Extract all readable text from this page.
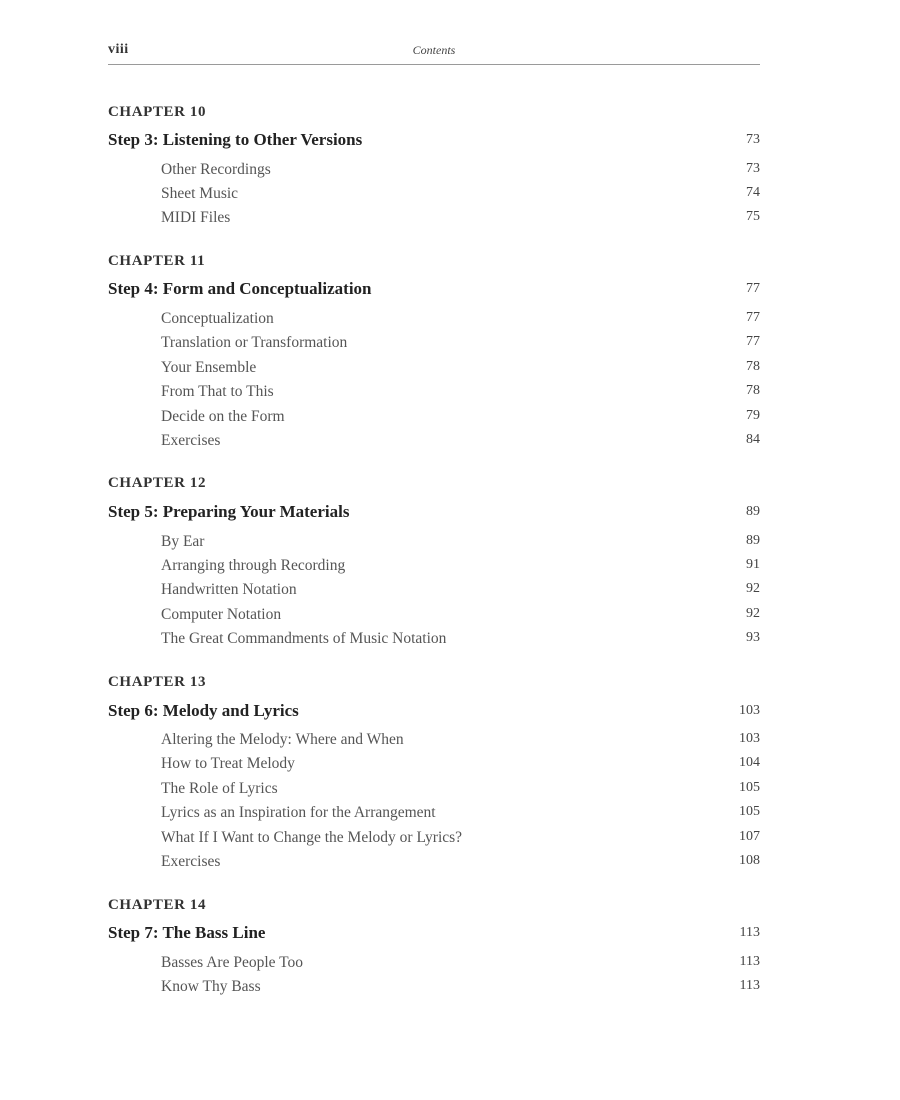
viii	Contents
CHAPTER 10
Step 3: Listening to Other Versions	73
Other Recordings	73
Sheet Music	74
MIDI Files	75
CHAPTER 11
Step 4: Form and Conceptualization	77
Conceptualization	77
Translation or Transformation	77
Your Ensemble	78
From That to This	78
Decide on the Form	79
Exercises	84
CHAPTER 12
Step 5: Preparing Your Materials	89
By Ear	89
Arranging through Recording	91
Handwritten Notation	92
Computer Notation	92
The Great Commandments of Music Notation	93
CHAPTER 13
Step 6: Melody and Lyrics	103
Altering the Melody: Where and When	103
How to Treat Melody	104
The Role of Lyrics	105
Lyrics as an Inspiration for the Arrangement	105
What If I Want to Change the Melody or Lyrics?	107
Exercises	108
CHAPTER 14
Step 7: The Bass Line	113
Basses Are People Too	113
Know Thy Bass	113
